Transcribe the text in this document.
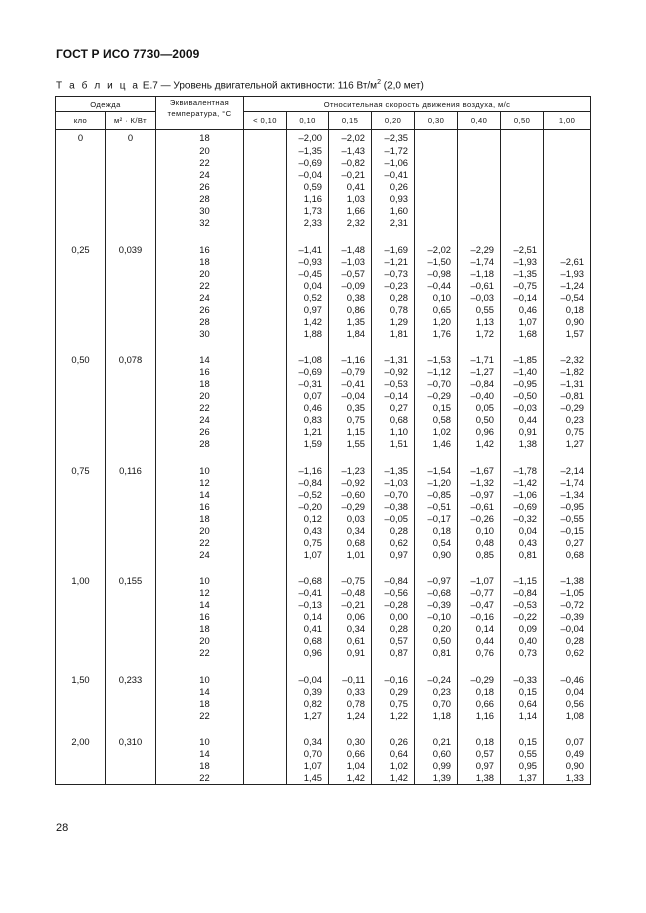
ГОСТ Р ИСО 7730—2009
Т а б л и ц а Е.7 — Уровень двигательной активности: 116 $Вт/м^2$ (2,0 мет)
Одежда		Эквивалентная температура, °С	Относительная скорость движения воздуха, м/с							
кло	м² · К/Вт		< 0,10	0,10	0,15	0,20	0,30	0,40	0,50	1,00
0	0	18		–2,00	–2,02	–2,35				
		20		–1,35	–1,43	–1,72				
		22		–0,69	–0,82	–1,06				
		24		–0,04	–0,21	–0,41				
		26		0,59	0,41	0,26				
		28		1,16	1,03	0,93				
		30		1,73	1,66	1,60				
		32		2,33	2,32	2,31				

0,25	0,039	16		–1,41	–1,48	–1,69	–2,02	–2,29	–2,51	
		18		–0,93	–1,03	–1,21	–1,50	–1,74	–1,93	–2,61
		20		–0,45	–0,57	–0,73	–0,98	–1,18	–1,35	–1,93
		22		0,04	–0,09	–0,23	–0,44	–0,61	–0,75	–1,24
		24		0,52	0,38	0,28	0,10	–0,03	–0,14	–0,54
		26		0,97	0,86	0,78	0,65	0,55	0,46	0,18
		28		1,42	1,35	1,29	1,20	1,13	1,07	0,90
		30		1,88	1,84	1,81	1,76	1,72	1,68	1,57

0,50	0,078	14		–1,08	–1,16	–1,31	–1,53	–1,71	–1,85	–2,32
		16		–0,69	–0,79	–0,92	–1,12	–1,27	–1,40	–1,82
		18		–0,31	–0,41	–0,53	–0,70	–0,84	–0,95	–1,31
		20		0,07	–0,04	–0,14	–0,29	–0,40	–0,50	–0,81
		22		0,46	0,35	0,27	0,15	0,05	–0,03	–0,29
		24		0,83	0,75	0,68	0,58	0,50	0,44	0,23
		26		1,21	1,15	1,10	1,02	0,96	0,91	0,75
		28		1,59	1,55	1,51	1,46	1,42	1,38	1,27

0,75	0,116	10		–1,16	–1,23	–1,35	–1,54	–1,67	–1,78	–2,14
		12		–0,84	–0,92	–1,03	–1,20	–1,32	–1,42	–1,74
		14		–0,52	–0,60	–0,70	–0,85	–0,97	–1,06	–1,34
		16		–0,20	–0,29	–0,38	–0,51	–0,61	–0,69	–0,95
		18		0,12	0,03	–0,05	–0,17	–0,26	–0,32	–0,55
		20		0,43	0,34	0,28	0,18	0,10	0,04	–0,15
		22		0,75	0,68	0,62	0,54	0,48	0,43	0,27
		24		1,07	1,01	0,97	0,90	0,85	0,81	0,68

1,00	0,155	10		–0,68	–0,75	–0,84	–0,97	–1,07	–1,15	–1,38
		12		–0,41	–0,48	–0,56	–0,68	–0,77	–0,84	–1,05
		14		–0,13	–0,21	–0,28	–0,39	–0,47	–0,53	–0,72
		16		0,14	0,06	0,00	–0,10	–0,16	–0,22	–0,39
		18		0,41	0,34	0,28	0,20	0,14	0,09	–0,04
		20		0,68	0,61	0,57	0,50	0,44	0,40	0,28
		22		0,96	0,91	0,87	0,81	0,76	0,73	0,62

1,50	0,233	10		–0,04	–0,11	–0,16	–0,24	–0,29	–0,33	–0,46
		14		0,39	0,33	0,29	0,23	0,18	0,15	0,04
		18		0,82	0,78	0,75	0,70	0,66	0,64	0,56
		22		1,27	1,24	1,22	1,18	1,16	1,14	1,08

2,00	0,310	10		0,34	0,30	0,26	0,21	0,18	0,15	0,07
		14		0,70	0,66	0,64	0,60	0,57	0,55	0,49
		18		1,07	1,04	1,02	0,99	0,97	0,95	0,90
		22		1,45	1,42	1,42	1,39	1,38	1,37	1,33
28
